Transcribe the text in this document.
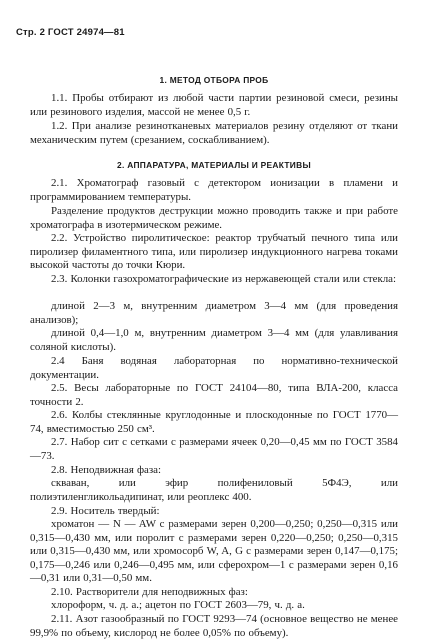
Стр. 2 ГОСТ 24974—81
1. МЕТОД ОТБОРА ПРОБ
1.1. Пробы отбирают из любой части партии резиновой смеси, резины или резинового изделия, массой не менее 0,5 г.
1.2. При анализе резинотканевых материалов резину отделяют от ткани механическим путем (срезанием, соскабливанием).
2. АППАРАТУРА, МАТЕРИАЛЫ И РЕАКТИВЫ
2.1. Хроматограф газовый с детектором ионизации в пламени и программированием температуры.
Разделение продуктов деструкции можно проводить также и при работе хроматографа в изотермическом режиме.
2.2. Устройство пиролитическое: реактор трубчатый печного типа или пиролизер филаментного типа, или пиролизер индукционного нагрева токами высокой частоты до точки Кюри.
2.3. Колонки газохроматографические из нержавеющей стали или стекла:
длиной 2—3 м, внутренним диаметром 3—4 мм (для проведения анализов);
длиной 0,4—1,0 м, внутренним диаметром 3—4 мм (для улавливания соляной кислоты).
2.4 Баня водяная лабораторная по нормативно-технической документации.
2.5. Весы лабораторные по ГОСТ 24104—80, типа ВЛА-200, класса точности 2.
2.6. Колбы стеклянные круглодонные и плоскодонные по ГОСТ 1770—74, вместимостью 250 см³.
2.7. Набор сит с сетками с размерами ячеек 0,20—0,45 мм по ГОСТ 3584—73.
2.8. Неподвижная фаза:
скваван, или эфир полифениловый 5Ф4Э, или полиэтиленгликольадипинат, или реоплекс 400.
2.9. Носитель твердый:
хроматон — N — AW с размерами зерен 0,200—0,250; 0,250—0,315 или 0,315—0,430 мм, или поролит с размерами зерен 0,220—0,250; 0,250—0,315 или 0,315—0,430 мм, или хромосорб W, A, G с размерами зерен 0,147—0,175; 0,175—0,246 или 0,246—0,495 мм, или сферохром—1 с размерами зерен 0,16—0,31 или 0,31—0,50 мм.
2.10. Растворители для неподвижных фаз:
хлороформ, ч. д. а.; ацетон по ГОСТ 2603—79, ч. д. а.
2.11. Азот газообразный по ГОСТ 9293—74 (основное вещество не менее 99,9% по объему, кислород не более 0,05% по объему).
